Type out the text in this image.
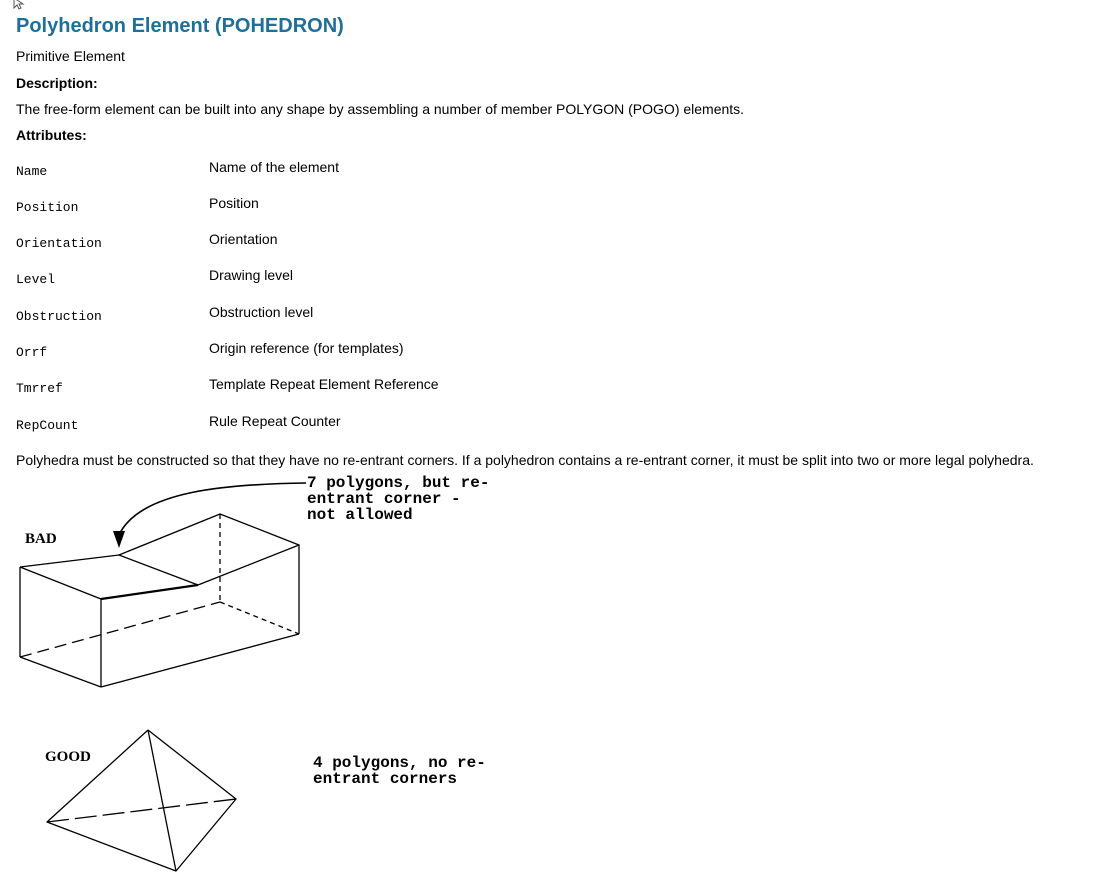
Polyhedron Element (POHEDRON)

Primitive Element

Description:

The free-form element can be built into any shape by assembling a number of member POLYGON (POGO) elements.

Attributes:

Name	Name of the element
Position	Position
Orientation	Orientation
Level	Drawing level
Obstruction	Obstruction level
Orrf	Origin reference (for templates)
Tmrref	Template Repeat Element Reference
RepCount	Rule Repeat Counter

Polyhedra must be constructed so that they have no re-entrant corners. If a polyhedron contains a re-entrant corner, it must be split into two or more legal polyhedra.

BAD
GOOD
7 polygons, but re-
entrant corner -
not allowed
4 polygons, no re-
entrant corners
